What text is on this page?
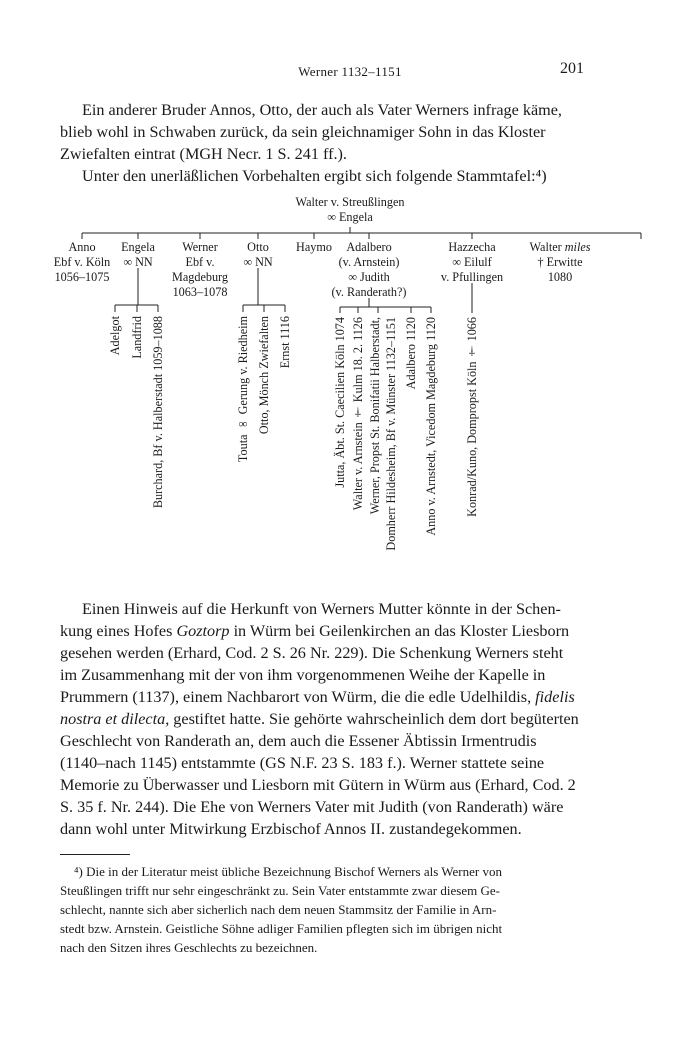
Werner 1132–1151	201
Ein anderer Bruder Annos, Otto, der auch als Vater Werners infrage käme,
blieb wohl in Schwaben zurück, da sein gleichnamiger Sohn in das Kloster
Zwiefalten eintrat (MGH Necr. 1 S. 241 ff.).
Unter den unerläßlichen Vorbehalten ergibt sich folgende Stammtafel:⁴)
Walter v. Streußlingen
∞ Engela
Anno
Ebf v. Köln
1056–1075
Engela
∞ NN
Werner
Ebf v.
Magdeburg
1063–1078
Otto
∞ NN
Haymo	Adalbero
(v. Arnstein)
∞ Judith
(v. Randerath?)
Hazzecha
∞ Eilulf
v. Pfullingen
Walter miles
† Erwitte
1080
Adelgot Landfrid Burchard, Bf v. Halberstadt 1059–1088	Touta ∞ Gerung v. Riedheim Otto, Mönch Zwiefalten Ernst 1116	Jutta, Äbt. St. Caecilien Köln 1074 Walter v. Arnstein † Kulm 18. 2. 1126 Werner, Propst St. Bonifatii Halberstadt, Domherr Hildesheim, Bf v. Münster 1132–1151 Adalbero 1120 Anno v. Arnstedt, Vicedom Magdeburg 1120 Konrad/Kuno, Dompropst Köln † 1066
Einen Hinweis auf die Herkunft von Werners Mutter könnte in der Schen-
kung eines Hofes Goztorp in Würm bei Geilenkirchen an das Kloster Liesborn
gesehen werden (Erhard, Cod. 2 S. 26 Nr. 229). Die Schenkung Werners steht
im Zusammenhang mit der von ihm vorgenommenen Weihe der Kapelle in
Prummern (1137), einem Nachbarort von Würm, die die edle Udelhildis, fidelis
nostra et dilecta, gestiftet hatte. Sie gehörte wahrscheinlich dem dort begüterten
Geschlecht von Randerath an, dem auch die Essener Äbtissin Irmentrudis
(1140–nach 1145) entstammte (GS N.F. 23 S. 183 f.). Werner stattete seine
Memorie zu Überwasser und Liesborn mit Gütern in Würm aus (Erhard, Cod. 2
S. 35 f. Nr. 244). Die Ehe von Werners Vater mit Judith (von Randerath) wäre
dann wohl unter Mitwirkung Erzbischof Annos II. zustandegekommen.
⁴) Die in der Literatur meist übliche Bezeichnung Bischof Werners als Werner von
Steußlingen trifft nur sehr eingeschränkt zu. Sein Vater entstammte zwar diesem Ge-
schlecht, nannte sich aber sicherlich nach dem neuen Stammsitz der Familie in Arn-
stedt bzw. Arnstein. Geistliche Söhne adliger Familien pflegten sich im übrigen nicht
nach den Sitzen ihres Geschlechts zu bezeichnen.
